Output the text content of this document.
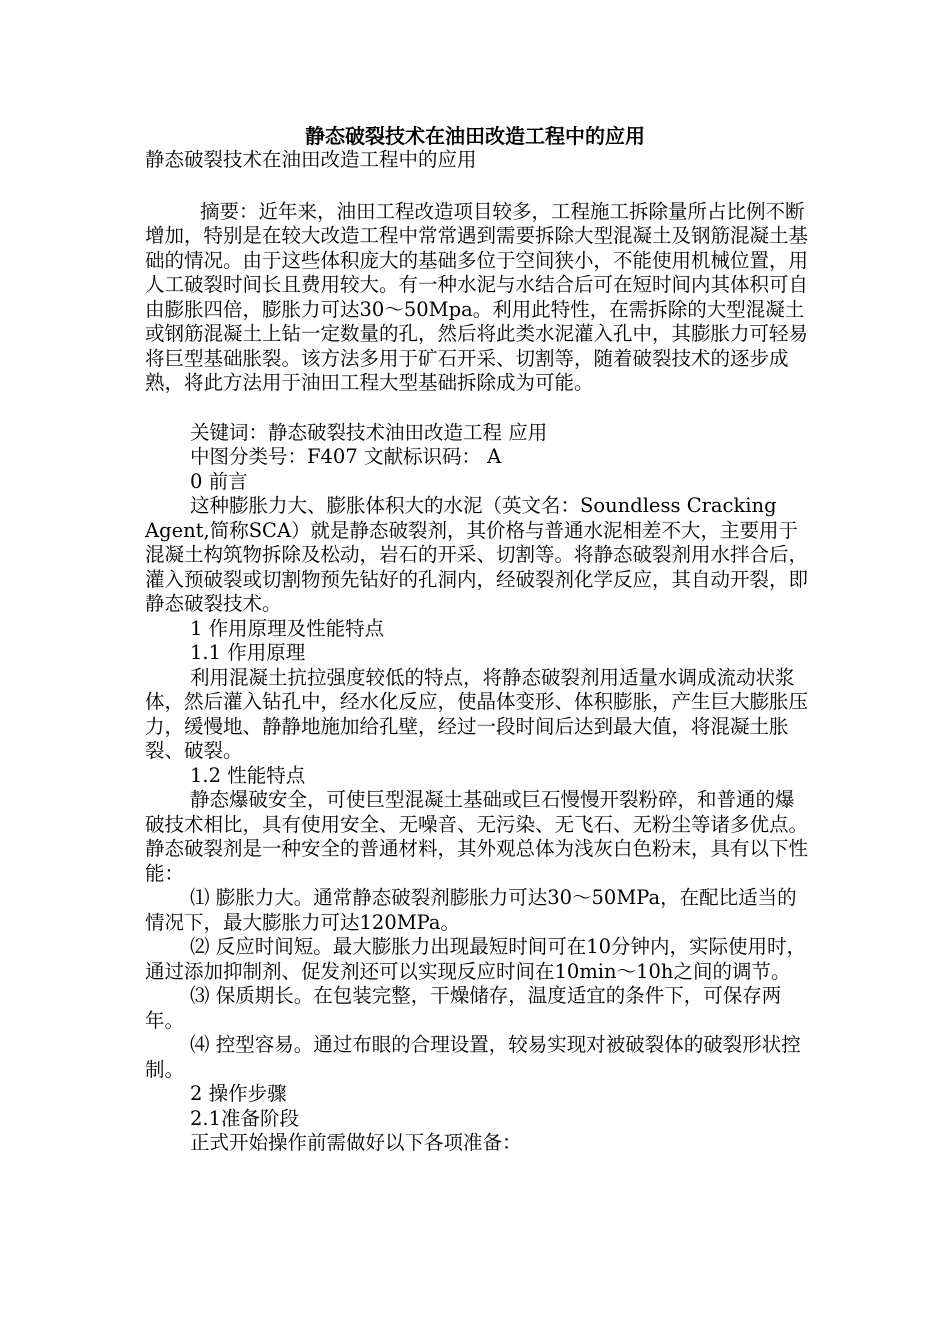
静态破裂技术在油田改造工程中的应用

静态破裂技术在油田改造工程中的应用

摘要：近年来，油田工程改造项目较多，工程施工拆除量所占比例不断增加，特别是在较大改造工程中常常遇到需要拆除大型混凝土及钢筋混凝土基础的情况。由于这些体积庞大的基础多位于空间狭小，不能使用机械位置，用人工破裂时间长且费用较大。有一种水泥与水结合后可在短时间内其体积可自由膨胀四倍，膨胀力可达30～50Mpa。利用此特性，在需拆除的大型混凝土或钢筋混凝土上钻一定数量的孔，然后将此类水泥灌入孔中，其膨胀力可轻易将巨型基础胀裂。该方法多用于矿石开采、切割等，随着破裂技术的逐步成熟，将此方法用于油田工程大型基础拆除成为可能。

关键词：静态破裂技术油田改造工程 应用

中图分类号：F407 文献标识码： A

0 前言

这种膨胀力大、膨胀体积大的水泥（英文名：Soundless Cracking Agent,简称SCA）就是静态破裂剂，其价格与普通水泥相差不大，主要用于混凝土构筑物拆除及松动，岩石的开采、切割等。将静态破裂剂用水拌合后，灌入预破裂或切割物预先钻好的孔洞内，经破裂剂化学反应，其自动开裂，即静态破裂技术。

1 作用原理及性能特点

1.1 作用原理

利用混凝土抗拉强度较低的特点，将静态破裂剂用适量水调成流动状浆体，然后灌入钻孔中，经水化反应，使晶体变形、体积膨胀，产生巨大膨胀压力，缓慢地、静静地施加给孔壁，经过一段时间后达到最大值，将混凝土胀裂、破裂。

1.2 性能特点

静态爆破安全，可使巨型混凝土基础或巨石慢慢开裂粉碎，和普通的爆破技术相比，具有使用安全、无噪音、无污染、无飞石、无粉尘等诸多优点。静态破裂剂是一种安全的普通材料，其外观总体为浅灰白色粉末，具有以下性能：

⑴ 膨胀力大。通常静态破裂剂膨胀力可达30～50MPa，在配比适当的情况下，最大膨胀力可达120MPa。

⑵ 反应时间短。最大膨胀力出现最短时间可在10分钟内，实际使用时，通过添加抑制剂、促发剂还可以实现反应时间在10min～10h之间的调节。

⑶ 保质期长。在包装完整，干燥储存，温度适宜的条件下，可保存两年。

⑷ 控型容易。通过布眼的合理设置，较易实现对被破裂体的破裂形状控制。

2 操作步骤

2.1准备阶段

正式开始操作前需做好以下各项准备：
